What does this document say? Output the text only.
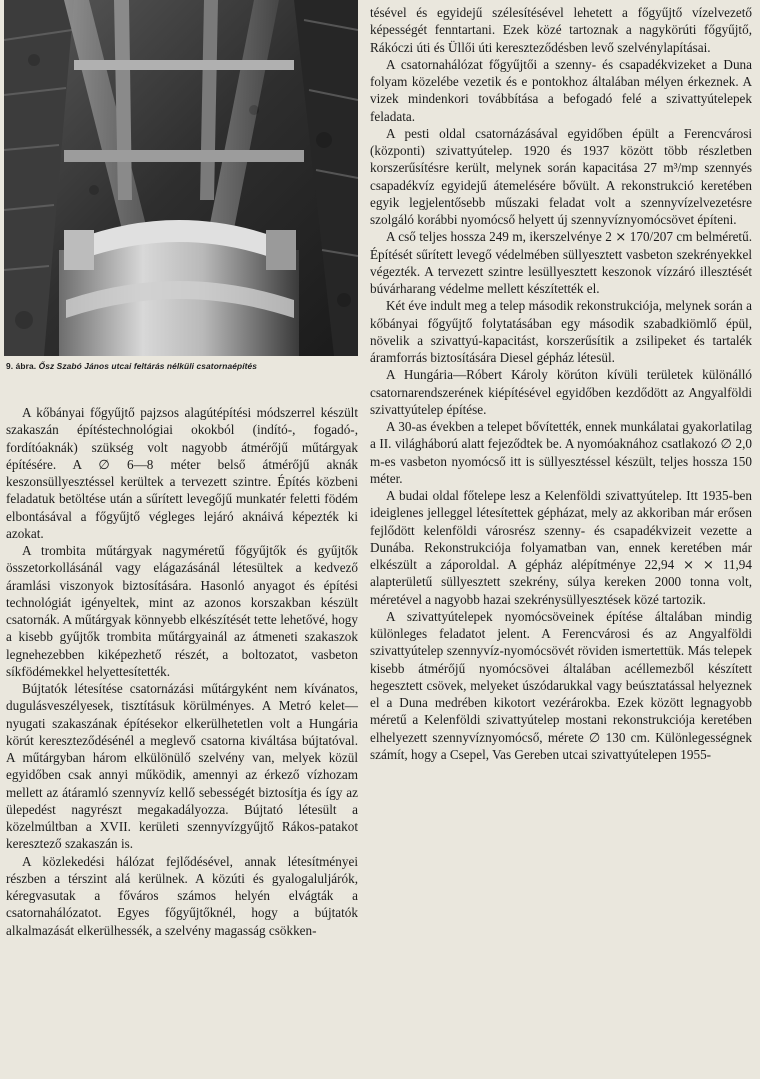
9. ábra. Ősz Szabó János utcai feltárás nélküli csatornaépítés

A kőbányai főgyűjtő pajzsos alagútépítési módszerrel készült szakaszán építéstechnológiai okokból (indító-, fogadó-, fordítóaknák) szükség volt nagyobb átmérőjű műtárgyak építésére. A ∅ 6—8 méter belső átmérőjű aknák keszonsüllyesztéssel kerültek a tervezett szintre. Építés közbeni feladatuk betöltése után a sűrített levegőjű munkatér feletti födém elbontásával a főgyűjtő végleges lejáró aknáivá képezték ki azokat.

A trombita műtárgyak nagyméretű főgyűjtők és gyűjtők összetorkollásánál vagy elágazásánál létesültek a kedvező áramlási viszonyok biztosítására. Hasonló anyagot és építési technológiát igényeltek, mint az azonos korszakban készült csatornák. A műtárgyak könnyebb elkészítését tette lehetővé, hogy a kisebb gyűjtők trombita műtárgyainál az átmeneti szakaszok legnehezebben kiképezhető részét, a boltozatot, vasbeton síkfödémekkel helyettesítették.

Bújtatók létesítése csatornázási műtárgyként nem kívánatos, dugulásveszélyesek, tisztításuk körülményes. A Metró kelet—nyugati szakaszának építésekor elkerülhetetlen volt a Hungária körút kereszteződésénél a meglevő csatorna kiváltása bújtatóval. A műtárgyban három elkülönülő szelvény van, melyek közül egyidőben csak annyi működik, amennyi az érkező vízhozam mellett az átáramló szennyvíz kellő sebességét biztosítja és így az ülepedést nagyrészt megakadályozza. Bújtató létesült a közelmúltban a XVII. kerületi szennyvízgyűjtő Rákos-patakot keresztező szakaszán is.

A közlekedési hálózat fejlődésével, annak létesítményei részben a térszint alá kerülnek. A közúti és gyalogaluljárók, kéregvasutak a főváros számos helyén elvágták a csatornahálózatot. Egyes főgyűjtőknél, hogy a bújtatók alkalmazását elkerülhessék, a szelvény magasság csökken-

tésével és egyidejű szélesítésével lehetett a főgyűjtő vízelvezető képességét fenntartani. Ezek közé tartoznak a nagykörúti főgyűjtő, Rákóczi úti és Üllői úti kereszteződésben levő szelvénylapításai.

A csatornahálózat főgyűjtői a szenny- és csapadékvizeket a Duna folyam közelébe vezetik és e pontokhoz általában mélyen érkeznek. A vizek mindenkori továbbítása a befogadó felé a szivattyútelepek feladata.

A pesti oldal csatornázásával egyidőben épült a Ferencvárosi (központi) szivattyútelep. 1920 és 1937 között több részletben korszerűsítésre került, melynek során kapacitása 27 m³/mp szennyés csapadékvíz egyidejű átemelésére bővült. A rekonstrukció keretében egyik legjelentősebb műszaki feladat volt a szennyvízelvezetésre szolgáló korábbi nyomócső helyett új szennyvíznyomócsövet építeni.

A cső teljes hossza 249 m, ikerszelvénye 2 ⨯ 170/207 cm belméretű. Építését sűrített levegő védelmében süllyesztett vasbeton szekrényekkel végezték. A tervezett szintre lesüllyesztett keszonok vízzáró illesztését búvárharang védelme mellett készítették el.

Két éve indult meg a telep második rekonstrukciója, melynek során a kőbányai főgyűjtő folytatásában egy második szabadkiömlő épül, növelik a szivattyú-kapacitást, korszerűsítik a zsilipeket és tartalék áramforrás biztosítására Diesel gépház létesül.

A Hungária—Róbert Károly körúton kívüli területek különálló csatornarendszerének kiépítésével egyidőben kezdődött az Angyalföldi szivattyútelep építése.

A 30-as években a telepet bővítették, ennek munkálatai gyakorlatilag a II. világháború alatt fejeződtek be. A nyomóaknához csatlakozó ∅ 2,0 m-es vasbeton nyomócső itt is süllyesztéssel készült, teljes hossza 150 méter.

A budai oldal főtelepe lesz a Kelenföldi szivattyútelep. Itt 1935-ben ideiglenes jelleggel létesítettek gépházat, mely az akkoriban már erősen fejlődött kelenföldi városrész szenny- és csapadékvizeit vezette a Dunába. Rekonstrukciója folyamatban van, ennek keretében már elkészült a záporoldal. A gépház alépítménye 22,94 ⨯ ⨯ 11,94 alapterületű süllyesztett szekrény, súlya kereken 2000 tonna volt, méretével a nagyobb hazai szekrénysüllyesztések közé tartozik.

A szivattyútelepek nyomócsöveinek építése általában mindig különleges feladatot jelent. A Ferencvárosi és az Angyalföldi szivattyútelep szennyvíz-nyomócsövét röviden ismertettük. Más telepek kisebb átmérőjű nyomócsövei általában acéllemezből készített hegesztett csövek, melyeket úszódarukkal vagy beúsztatással helyeznek el a Duna medrében kikotort vezérárokba. Ezek között legnagyobb méretű a Kelenföldi szivattyútelep mostani rekonstrukciója keretében elhelyezett szennyvíznyomócső, mérete ∅ 130 cm. Különlegességnek számít, hogy a Csepel, Vas Gereben utcai szivattyútelepen 1955-
